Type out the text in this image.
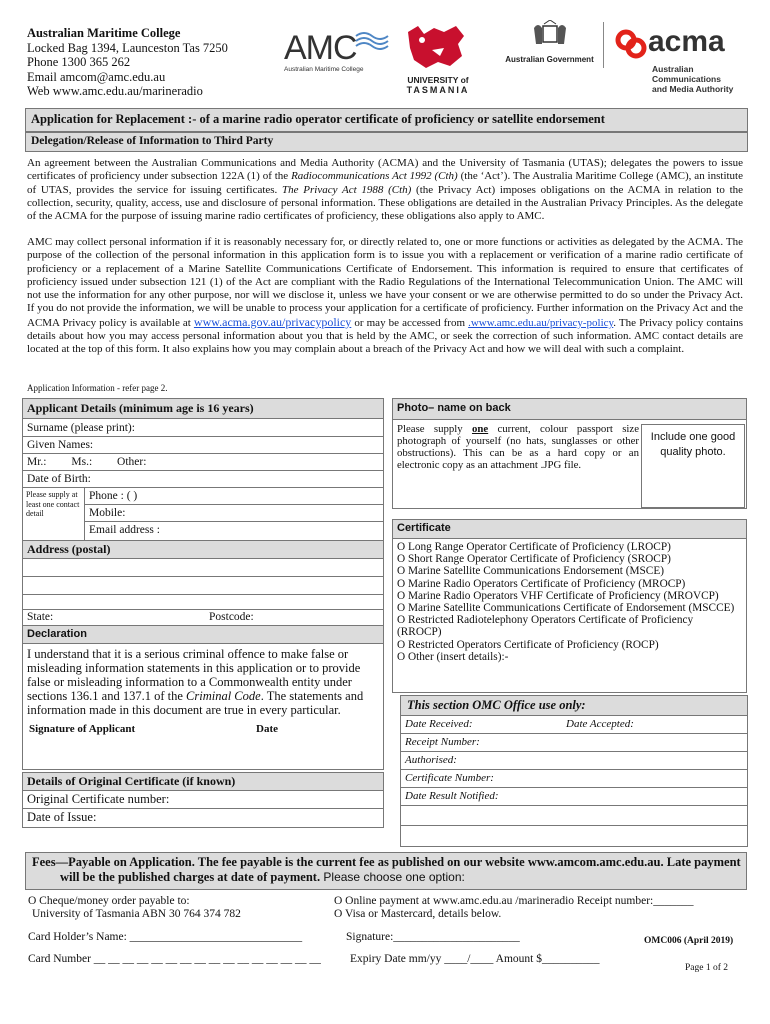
Australian Maritime College
Locked Bag 1394, Launceston Tas 7250
Phone 1300 365 262
Email amcom@amc.edu.au
Web www.amc.edu.au/marineradio
AMC
Australian Maritime College
UNIVERSITY of
TASMANIA
Australian Government
acma
Australian
Communications
and Media Authority
Application for Replacement :- of a marine radio operator certificate of proficiency or satellite endorsement
Delegation/Release of Information to Third Party
An agreement between the Australian Communications and Media Authority (ACMA) and the University of Tasmania (UTAS); delegates the powers to issue certificates of proficiency under subsection 122A (1) of the Radiocommunications Act 1992 (Cth) (the ‘Act’). The Australia Maritime College (AMC), an institute of UTAS, provides the service for issuing certificates. The Privacy Act 1988 (Cth) (the Privacy Act) imposes obligations on the ACMA in relation to the collection, security, quality, access, use and disclosure of personal information. These obligations are detailed in the Australian Privacy Principles. As the delegate of the ACMA for the purpose of issuing marine radio certificates of proficiency, these obligations also apply to AMC.
AMC may collect personal information if it is reasonably necessary for, or directly related to, one or more functions or activities as delegated by the ACMA. The purpose of the collection of the personal information in this application form is to issue you with a replacement or verification of a marine radio certificate of proficiency or a replacement of a Marine Satellite Communications Certificate of Endorsement. This information is required to ensure that certificates of proficiency issued under subsection 121 (1) of the Act are compliant with the Radio Regulations of the International Telecommunication Union. The AMC will not use the information for any other purpose, nor will we disclose it, unless we have your consent or we are otherwise permitted to do so under the Privacy Act. If you do not provide the information, we will be unable to process your application for a certificate of proficiency. Further information on the Privacy Act and the ACMA Privacy policy is available at www.acma.gov.au/privacypolicy or may be accessed from .www.amc.edu.au/privacy-policy. The Privacy policy contains details about how you may access personal information about you that is held by the AMC, or seek the correction of such information. AMC contact details are located at the top of this form. It also explains how you may complain about a breach of the Privacy Act and how we will deal with such a complaint.
Application Information - refer page 2.
Applicant Details (minimum age is 16 years)
Surname (please print):
Given Names:
Mr.: Ms.: Other:
Date of Birth:
Please supply at least one contact detail
Phone : ( )
Mobile:
Email address :
Address (postal)
State:	Postcode:
Declaration
I understand that it is a serious criminal offence to make false or misleading information statements in this application or to provide false or misleading information to a Commonwealth entity under sections 136.1 and 137.1 of the Criminal Code. The statements and information made in this document are true in every particular.
Signature of Applicant	Date
Details of Original Certificate (if known)
Original Certificate number:
Date of Issue:
Photo– name on back
Please supply one current, colour passport size photograph of yourself (no hats, sunglasses or other obstructions). This can be as a hard copy or an electronic copy as an attachment .JPG file.
Include one good quality photo.
Certificate
O Long Range Operator Certificate of Proficiency (LROCP)
O Short Range Operator Certificate of Proficiency (SROCP)
O Marine Satellite Communications Endorsement (MSCE)
O Marine Radio Operators Certificate of Proficiency (MROCP)
O Marine Radio Operators VHF Certificate of Proficiency (MROVCP)
O Marine Satellite Communications Certificate of Endorsement (MSCCE)
O Restricted Radiotelephony Operators Certificate of Proficiency (RROCP)
O Restricted Operators Certificate of Proficiency (ROCP)
O Other (insert details):-
This section OMC Office use only:
Date Received:	Date Accepted:
Receipt Number:
Authorised:
Certificate Number:
Date Result Notified:
Fees—Payable on Application. The fee payable is the current fee as published on our website www.amcom.amc.edu.au. Late payment will be the published charges at date of payment. Please choose one option:
O Cheque/money order payable to:
University of Tasmania ABN 30 764 374 782
O Online payment at www.amc.edu.au /marineradio Receipt number:_______
O Visa or Mastercard, details below.
Card Holder’s Name: ______________________________	Signature:______________________	OMC006 (April 2019)
Card Number __ __ __ __ __ __ __ __ __ __ __ __ __ __ __ __	Expiry Date mm/yy ____/____ Amount $__________
Page 1 of 2
